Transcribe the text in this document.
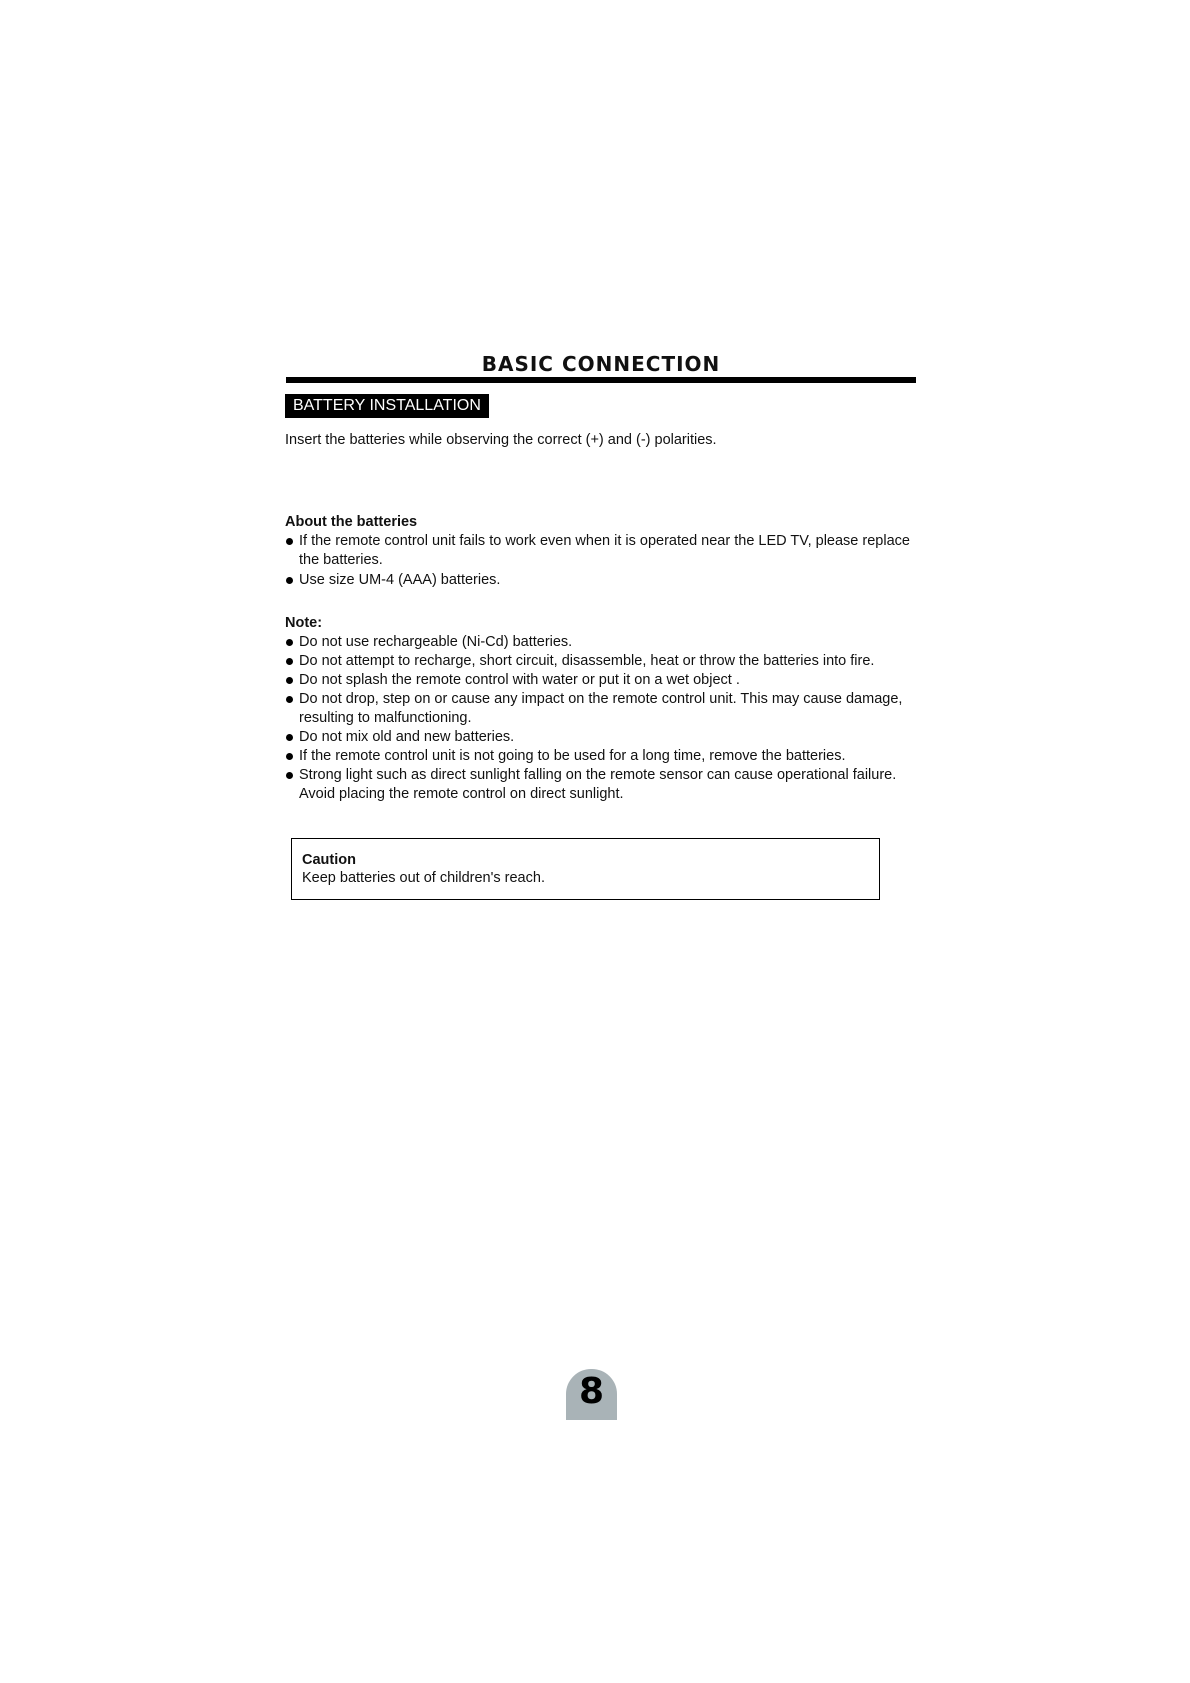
BASIC CONNECTION
BATTERY INSTALLATION
Insert the batteries while observing the correct (+) and (-) polarities.

About the batteries

If the remote control unit fails to work even when it is operated near the LED TV, please replace the batteries.
Use size UM-4 (AAA) batteries.

Note:

Do not use rechargeable (Ni-Cd) batteries.
Do not attempt to recharge, short circuit, disassemble, heat or throw the batteries into fire.
Do not splash the remote control with water or put it on a wet object .
Do not drop, step on or cause any impact on the remote control unit. This may cause damage, resulting to malfunctioning.
Do not mix old and new batteries.
If the remote control unit is not going to be used for a long time, remove the batteries.
Strong light such as direct sunlight falling on the remote sensor can cause operational failure. Avoid placing the remote control on direct sunlight.
Caution
Keep batteries out of children's reach.
8
